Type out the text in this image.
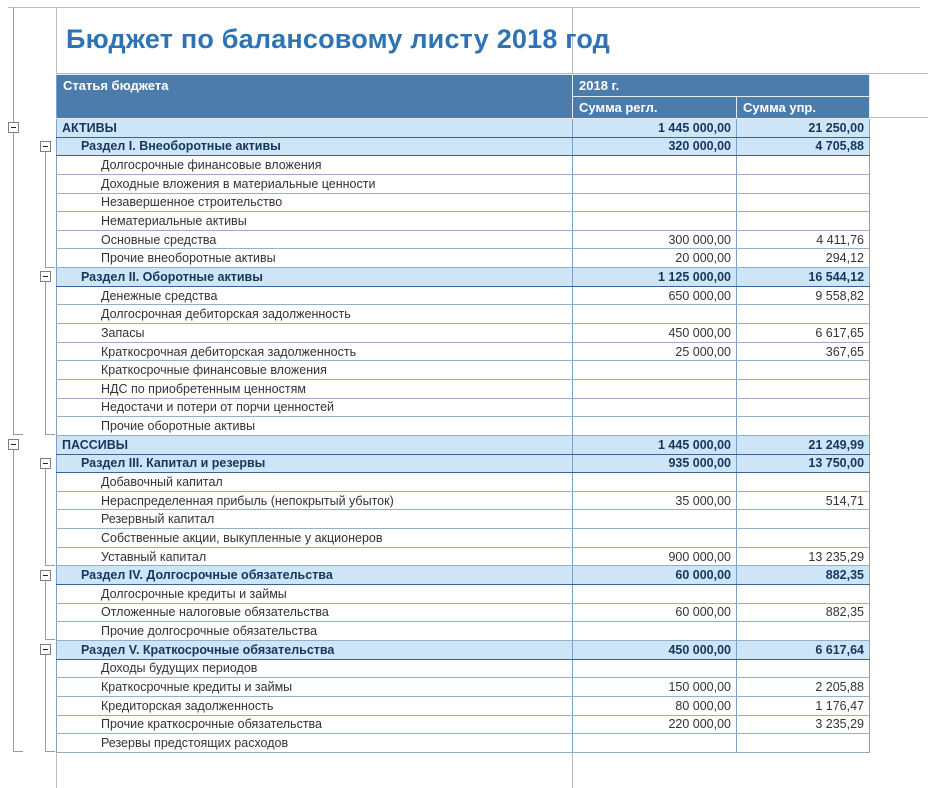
Бюджет по балансовому листу 2018 год
Статья бюджета	2018 г.	
	Сумма регл.	Сумма упр.
АКТИВЫ	1 445 000,00	21 250,00
Раздел I. Внеоборотные активы	320 000,00	4 705,88
Долгосрочные финансовые вложения		
Доходные вложения в материальные ценности		
Незавершенное строительство		
Нематериальные активы		
Основные средства	300 000,00	4 411,76
Прочие внеоборотные активы	20 000,00	294,12
Раздел II. Оборотные активы	1 125 000,00	16 544,12
Денежные средства	650 000,00	9 558,82
Долгосрочная дебиторская задолженность		
Запасы	450 000,00	6 617,65
Краткосрочная дебиторская задолженность	25 000,00	367,65
Краткосрочные финансовые вложения		
НДС по приобретенным ценностям		
Недостачи и потери от порчи ценностей		
Прочие оборотные активы		
ПАССИВЫ	1 445 000,00	21 249,99
Раздел III. Капитал и резервы	935 000,00	13 750,00
Добавочный капитал		
Нераспределенная прибыль (непокрытый убыток)	35 000,00	514,71
Резервный капитал		
Собственные акции, выкупленные у акционеров		
Уставный капитал	900 000,00	13 235,29
Раздел IV. Долгосрочные обязательства	60 000,00	882,35
Долгосрочные кредиты и займы		
Отложенные налоговые обязательства	60 000,00	882,35
Прочие долгосрочные обязательства		
Раздел V. Краткосрочные обязательства	450 000,00	6 617,64
Доходы будущих периодов		
Краткосрочные кредиты и займы	150 000,00	2 205,88
Кредиторская задолженность	80 000,00	1 176,47
Прочие краткосрочные обязательства	220 000,00	3 235,29
Резервы предстоящих расходов		
